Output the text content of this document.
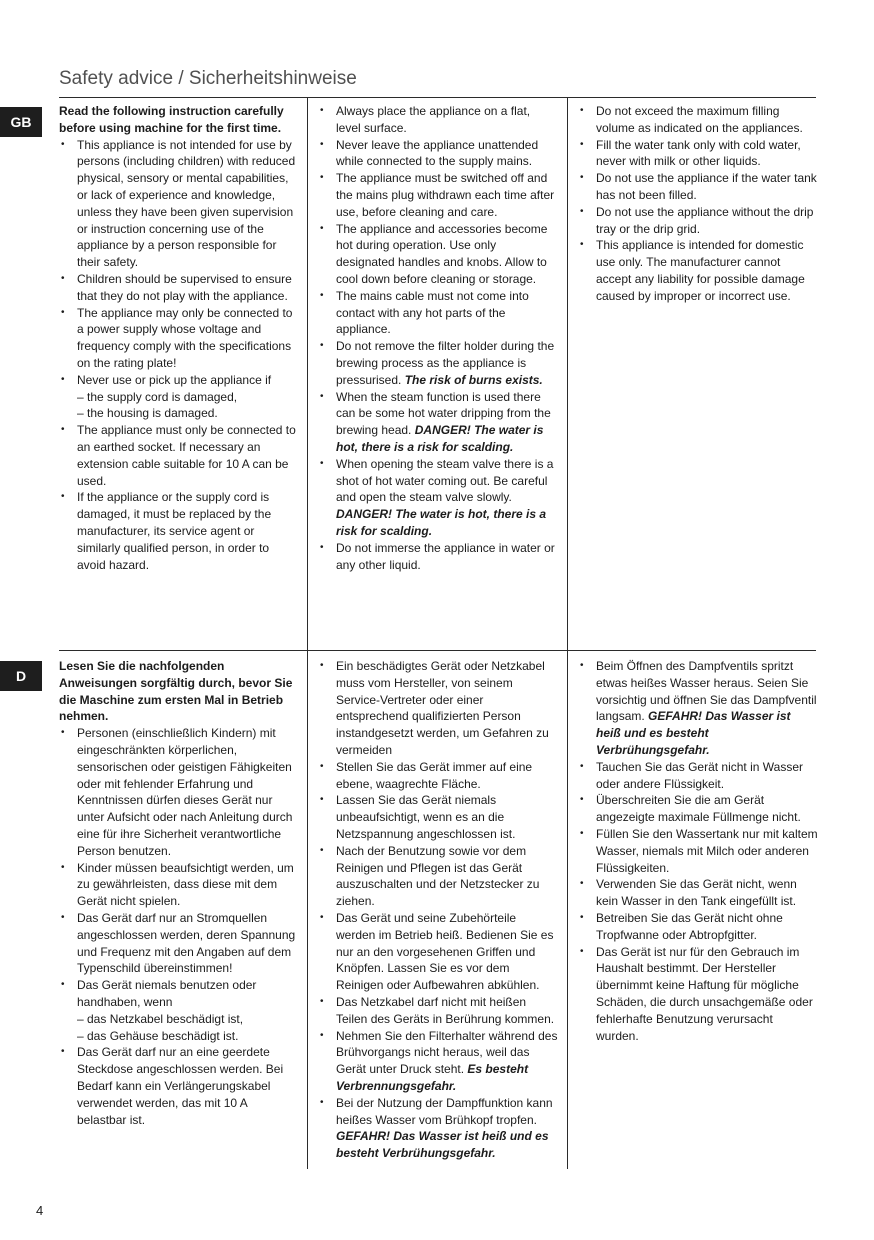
Safety advice / Sicherheitshinweise
GB
D

Read the following instruction carefully before using machine for the first time.

• This appliance is not intended for use by persons (including children) with reduced physical, sensory or mental capabilities, or lack of experience and knowledge, unless they have been given supervision or instruction concerning use of the appliance by a person responsible for their safety.
• Children should be supervised to ensure that they do not play with the appliance.
• The appliance may only be connected to a power supply whose voltage and frequency comply with the specifications on the rating plate!
• Never use or pick up the appliance if
– the supply cord is damaged,
– the housing is damaged.
• The appliance must only be connected to an earthed socket. If necessary an extension cable suitable for 10 A can be used.
• If the appliance or the supply cord is damaged, it must be replaced by the manufacturer, its service agent or similarly qualified person, in order to avoid hazard.
• Always place the appliance on a flat, level surface.
• Never leave the appliance unattended while connected to the supply mains.
• The appliance must be switched off and the mains plug withdrawn each time after use, before cleaning and care.
• The appliance and accessories become hot during operation. Use only designated handles and knobs. Allow to cool down before cleaning or storage.
• The mains cable must not come into contact with any hot parts of the appliance.
• Do not remove the filter holder during the brewing process as the appliance is pressurised. The risk of burns exists.
• When the steam function is used there can be some hot water dripping from the brewing head. DANGER! The water is hot, there is a risk for scalding.
• When opening the steam valve there is a shot of hot water coming out. Be careful and open the steam valve slowly. DANGER! The water is hot, there is a risk for scalding.
• Do not immerse the appliance in water or any other liquid.
• Do not exceed the maximum filling volume as indicated on the appliances.
• Fill the water tank only with cold water, never with milk or other liquids.
• Do not use the appliance if the water tank has not been filled.
• Do not use the appliance without the drip tray or the drip grid.
• This appliance is intended for domestic use only. The manufacturer cannot accept any liability for possible damage caused by improper or incorrect use.

Lesen Sie die nachfolgenden Anweisungen sorgfältig durch, bevor Sie die Maschine zum ersten Mal in Betrieb nehmen.

• Personen (einschließlich Kindern) mit eingeschränkten körperlichen, sensorischen oder geistigen Fähigkeiten oder mit fehlender Erfahrung und Kenntnissen dürfen dieses Gerät nur unter Aufsicht oder nach Anleitung durch eine für ihre Sicherheit verantwortliche Person benutzen.
• Kinder müssen beaufsichtigt werden, um zu gewährleisten, dass diese mit dem Gerät nicht spielen.
• Das Gerät darf nur an Stromquellen angeschlossen werden, deren Spannung und Frequenz mit den Angaben auf dem Typenschild übereinstimmen!
• Das Gerät niemals benutzen oder handhaben, wenn
– das Netzkabel beschädigt ist,
– das Gehäuse beschädigt ist.
• Das Gerät darf nur an eine geerdete Steckdose angeschlossen werden. Bei Bedarf kann ein Verlängerungskabel verwendet werden, das mit 10 A belastbar ist.
• Ein beschädigtes Gerät oder Netzkabel muss vom Hersteller, von seinem Service-Vertreter oder einer entsprechend qualifizierten Person instandgesetzt werden, um Gefahren zu vermeiden
• Stellen Sie das Gerät immer auf eine ebene, waagrechte Fläche.
• Lassen Sie das Gerät niemals unbeaufsichtigt, wenn es an die Netzspannung angeschlossen ist.
• Nach der Benutzung sowie vor dem Reinigen und Pflegen ist das Gerät auszuschalten und der Netzstecker zu ziehen.
• Das Gerät und seine Zubehörteile werden im Betrieb heiß. Bedienen Sie es nur an den vorgesehenen Griffen und Knöpfen. Lassen Sie es vor dem Reinigen oder Aufbewahren abkühlen.
• Das Netzkabel darf nicht mit heißen Teilen des Geräts in Berührung kommen.
• Nehmen Sie den Filterhalter während des Brühvorgangs nicht heraus, weil das Gerät unter Druck steht. Es besteht Verbrennungsgefahr.
• Bei der Nutzung der Dampffunktion kann heißes Wasser vom Brühkopf tropfen. GEFAHR! Das Wasser ist heiß und es besteht Verbrühungsgefahr.
• Beim Öffnen des Dampfventils spritzt etwas heißes Wasser heraus. Seien Sie vorsichtig und öffnen Sie das Dampfventil langsam. GEFAHR! Das Wasser ist heiß und es besteht Verbrühungsgefahr.
• Tauchen Sie das Gerät nicht in Wasser oder andere Flüssigkeit.
• Überschreiten Sie die am Gerät angezeigte maximale Füllmenge nicht.
• Füllen Sie den Wassertank nur mit kaltem Wasser, niemals mit Milch oder anderen Flüssigkeiten.
• Verwenden Sie das Gerät nicht, wenn kein Wasser in den Tank eingefüllt ist.
• Betreiben Sie das Gerät nicht ohne Tropfwanne oder Abtropfgitter.
• Das Gerät ist nur für den Gebrauch im Haushalt bestimmt. Der Hersteller übernimmt keine Haftung für mögliche Schäden, die durch unsachgemäße oder fehlerhafte Benutzung verursacht wurden.
4
